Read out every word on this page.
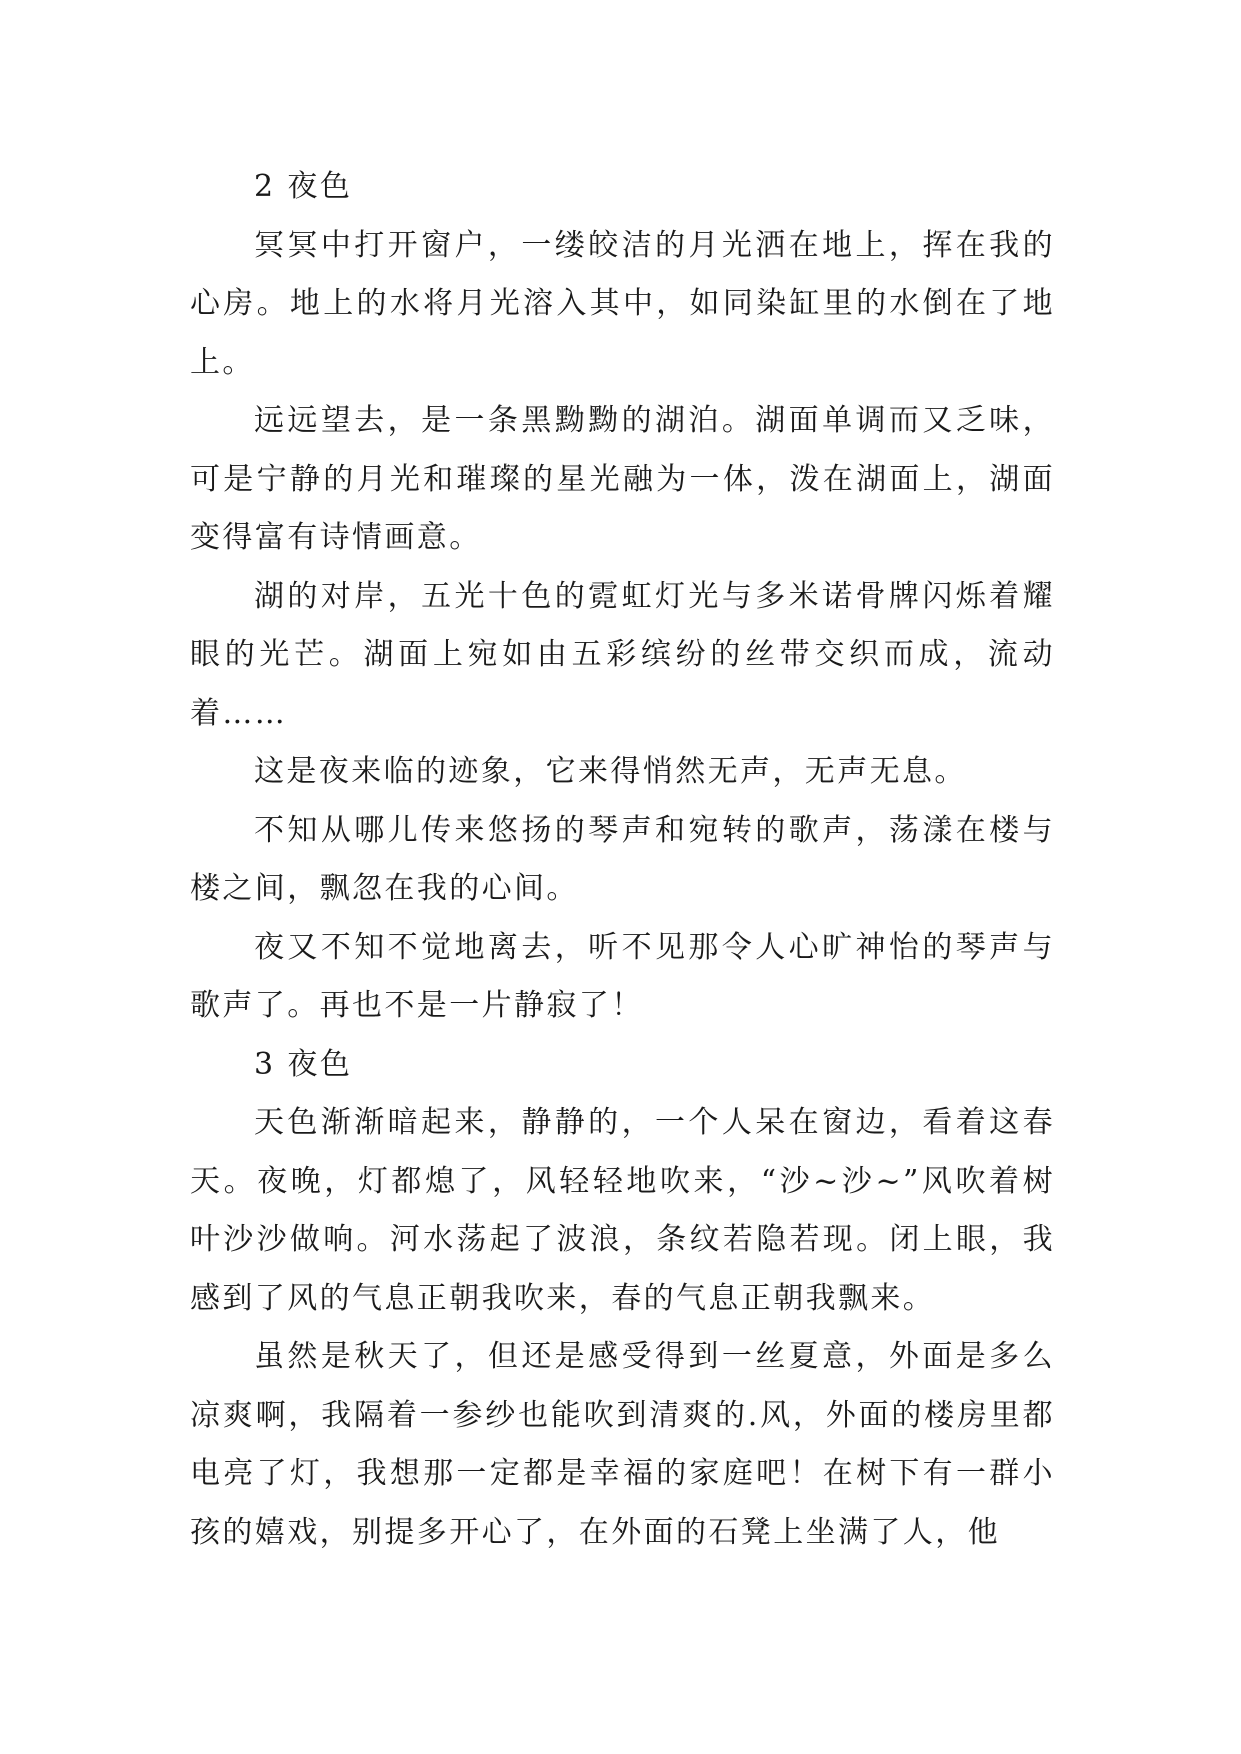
2 夜色

冥冥中打开窗户，一缕皎洁的月光洒在地上，挥在我的心房。地上的水将月光溶入其中，如同染缸里的水倒在了地上。

远远望去，是一条黑黝黝的湖泊。湖面单调而又乏味，可是宁静的月光和璀璨的星光融为一体，泼在湖面上，湖面变得富有诗情画意。

湖的对岸，五光十色的霓虹灯光与多米诺骨牌闪烁着耀眼的光芒。湖面上宛如由五彩缤纷的丝带交织而成，流动着……

这是夜来临的迹象，它来得悄然无声，无声无息。

不知从哪儿传来悠扬的琴声和宛转的歌声，荡漾在楼与楼之间，飘忽在我的心间。

夜又不知不觉地离去，听不见那令人心旷神怡的琴声与歌声了。再也不是一片静寂了！

3 夜色

天色渐渐暗起来，静静的，一个人呆在窗边，看着这春天。夜晚，灯都熄了，风轻轻地吹来，“沙~沙~”风吹着树叶沙沙做响。河水荡起了波浪，条纹若隐若现。闭上眼，我感到了风的气息正朝我吹来，春的气息正朝我飘来。

虽然是秋天了，但还是感受得到一丝夏意，外面是多么凉爽啊，我隔着一参纱也能吹到清爽的.风，外面的楼房里都电亮了灯，我想那一定都是幸福的家庭吧！在树下有一群小孩的嬉戏，别提多开心了，在外面的石凳上坐满了人，他
